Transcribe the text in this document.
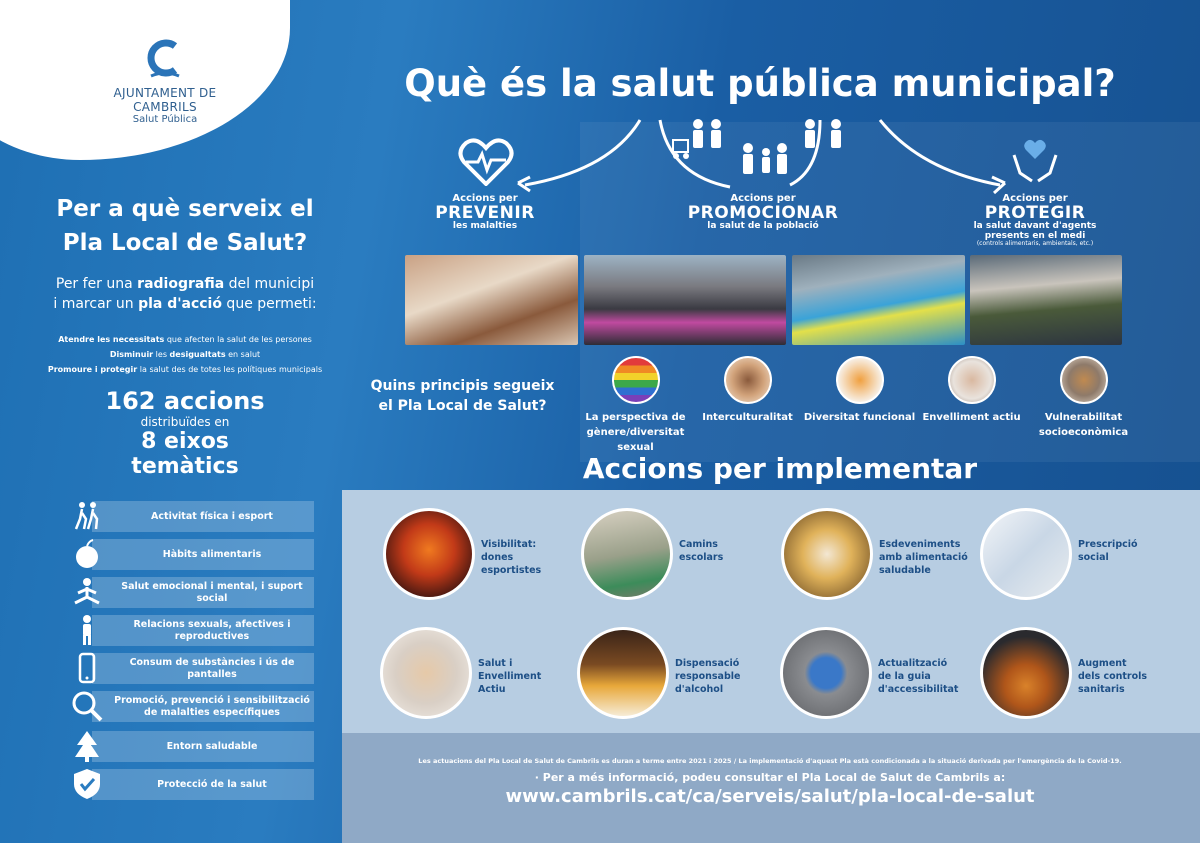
AJUNTAMENT DE CAMBRILS
Salut Pública
Què és la salut pública municipal?
Per a què serveix el
Pla Local de Salut?
Per fer una radiografia del municipi
i marcar un pla d'acció que permeti:
Atendre les necessitats que afecten la salut de les persones
Disminuir les desigualtats en salut
Promoure i protegir la salut des de totes les polítiques municipals
162 accions
distribuïdes en
8 eixos
temàtics
Activitat física i esport
Hàbits alimentaris
Salut emocional i mental, i suport social
Relacions sexuals, afectives i reproductives
Consum de substàncies i ús de pantalles
Promoció, prevenció i sensibilització de malalties específiques
Entorn saludable
Protecció de la salut
Accions per
PREVENIR
les malalties
Accions per
PROMOCIONAR
la salut de la població
Accions per
PROTEGIR
la salut davant d'agents presents en el medi
(controls alimentaris, ambientals, etc.)
Quins principis segueix
el Pla Local de Salut?
La perspectiva de gènere/diversitat sexual
Interculturalitat	Diversitat funcional Envelliment actiu	Vulnerabilitat socioeconòmica
Accions per implementar
Visibilitat: dones esportistes
Camins escolars
Esdeveniments amb alimentació saludable
Prescripció social
Salut i Envelliment Actiu
Dispensació responsable d'alcohol
Actualització de la guia d'accessibilitat
Augment dels controls sanitaris
Les actuacions del Pla Local de Salut de Cambrils es duran a terme entre 2021 i 2025 / La implementació d'aquest Pla està condicionada a la situació derivada per l'emergència de la Covid-19.
· Per a més informació, podeu consultar el Pla Local de Salut de Cambrils a:
www.cambrils.cat/ca/serveis/salut/pla-local-de-salut
